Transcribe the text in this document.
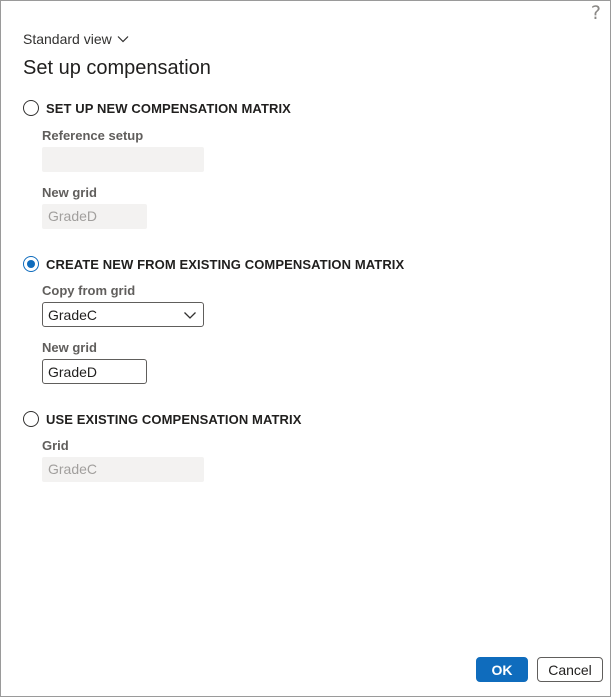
?
Standard view
Set up compensation
SET UP NEW COMPENSATION MATRIX
Reference setup
New grid
GradeD
CREATE NEW FROM EXISTING COMPENSATION MATRIX
Copy from grid
GradeC
New grid
GradeD
USE EXISTING COMPENSATION MATRIX
Grid
GradeC
OK	Cancel
